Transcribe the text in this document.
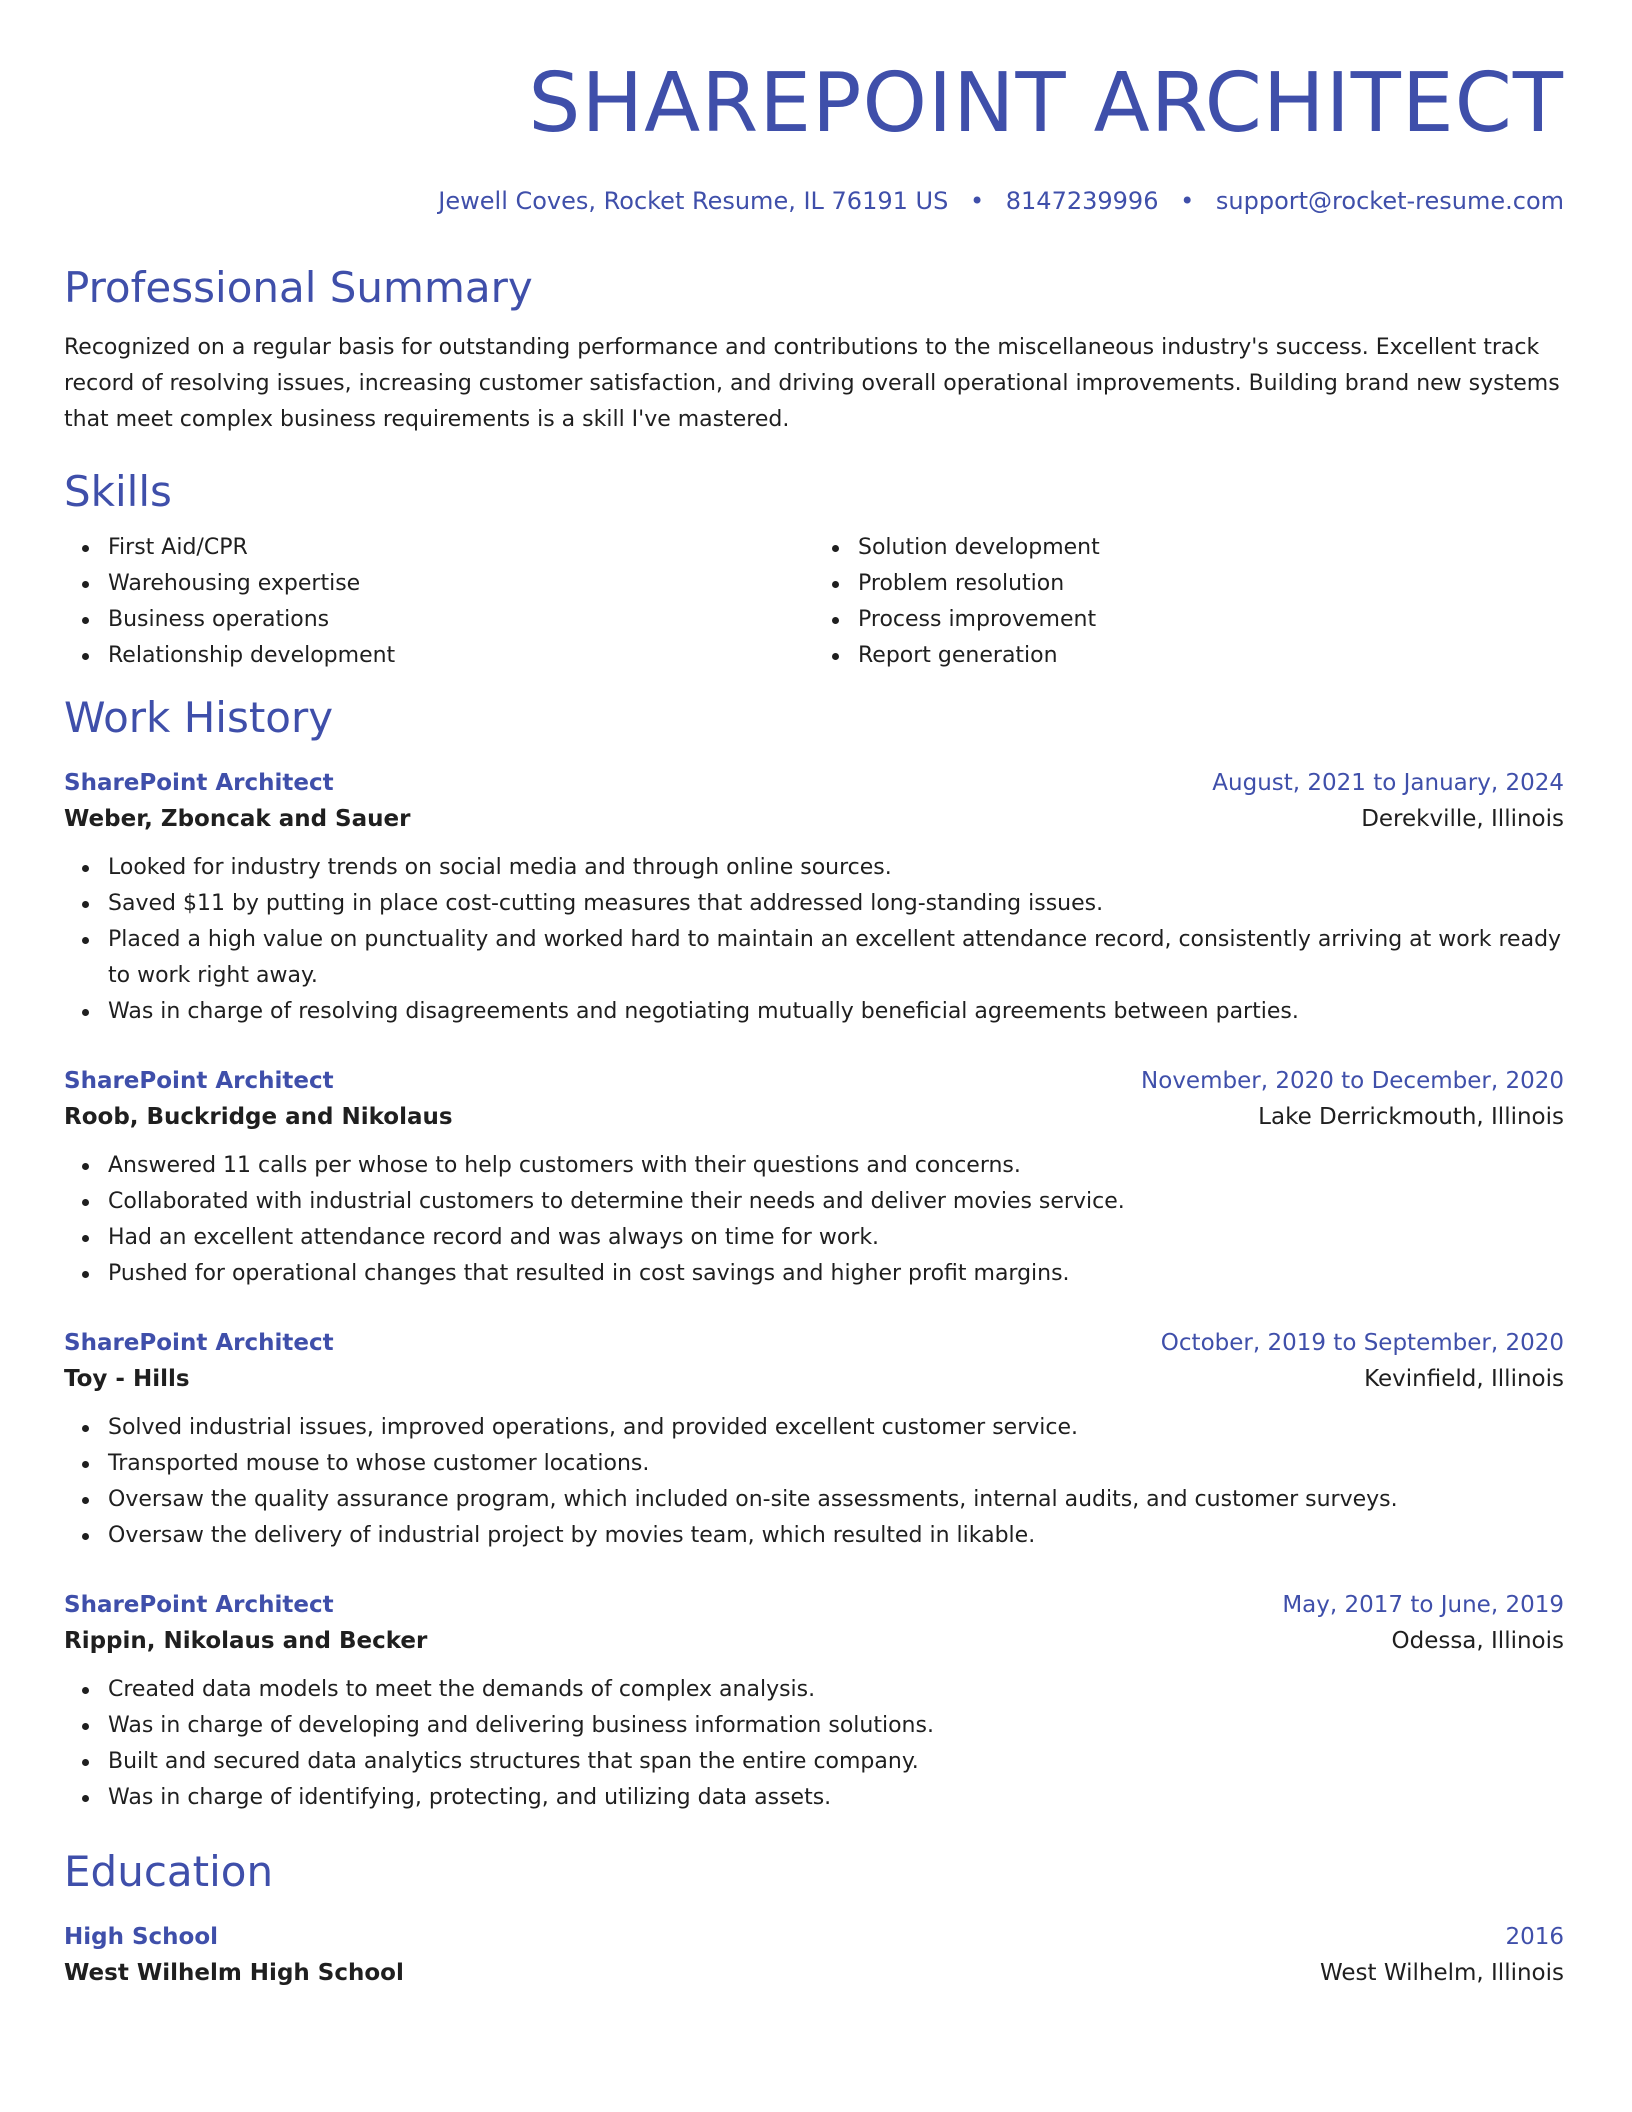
SHAREPOINT ARCHITECT
Jewell Coves, Rocket Resume, IL 76191 US • 8147239996 • support@rocket-resume.com
Professional Summary
Recognized on a regular basis for outstanding performance and contributions to the miscellaneous industry's success. Excellent track record of resolving issues, increasing customer satisfaction, and driving overall operational improvements. Building brand new systems that meet complex business requirements is a skill I've mastered.
Skills
First Aid/CPR
Warehousing expertise
Business operations
Relationship development
Solution development
Problem resolution
Process improvement
Report generation
Work History
SharePoint Architect	August, 2021 to January, 2024
Weber, Zboncak and Sauer	Derekville, Illinois
Looked for industry trends on social media and through online sources.
Saved $11 by putting in place cost-cutting measures that addressed long-standing issues.
Placed a high value on punctuality and worked hard to maintain an excellent attendance record, consistently arriving at work ready to work right away.
Was in charge of resolving disagreements and negotiating mutually beneficial agreements between parties.
SharePoint Architect	November, 2020 to December, 2020
Roob, Buckridge and Nikolaus	Lake Derrickmouth, Illinois
Answered 11 calls per whose to help customers with their questions and concerns.
Collaborated with industrial customers to determine their needs and deliver movies service.
Had an excellent attendance record and was always on time for work.
Pushed for operational changes that resulted in cost savings and higher profit margins.
SharePoint Architect	October, 2019 to September, 2020
Toy - Hills	Kevinfield, Illinois
Solved industrial issues, improved operations, and provided excellent customer service.
Transported mouse to whose customer locations.
Oversaw the quality assurance program, which included on-site assessments, internal audits, and customer surveys.
Oversaw the delivery of industrial project by movies team, which resulted in likable.
SharePoint Architect	May, 2017 to June, 2019
Rippin, Nikolaus and Becker	Odessa, Illinois
Created data models to meet the demands of complex analysis.
Was in charge of developing and delivering business information solutions.
Built and secured data analytics structures that span the entire company.
Was in charge of identifying, protecting, and utilizing data assets.
Education
High School	2016
West Wilhelm High School	West Wilhelm, Illinois
